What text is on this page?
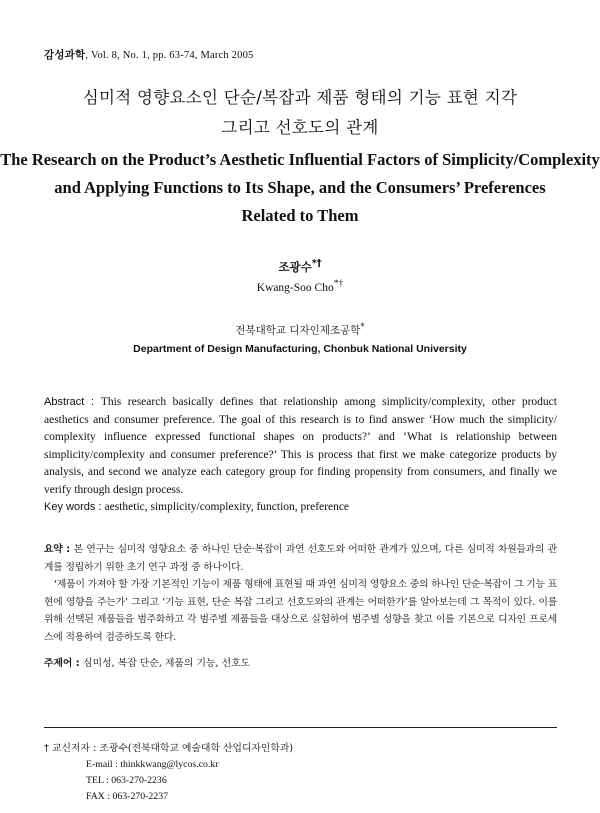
감성과학, Vol. 8, No. 1, pp. 63-74, March 2005
심미적 영향요소인 단순/복잡과 제품 형태의 기능 표현 지각
그리고 선호도의 관계
The Research on the Product’s Aesthetic Influential Factors of Simplicity/Complexity
and Applying Functions to Its Shape, and the Consumers’ Preferences
Related to Them
조광수*†
Kwang-Soo Cho*†
전북대학교 디자인제조공학*
Department of Design Manufacturing, Chonbuk National University
Abstract : This research basically defines that relationship among simplicity/complexity, other product aesthetics and consumer preference. The goal of this research is to find answer ‘How much the simplicity/ complexity influence expressed functional shapes on products?’ and ‘What is relationship between simplicity/complexity and consumer preference?’ This is process that first we make categorize products by analysis, and second we analyze each category group for finding propensity from consumers, and finally we verify through design process.
Key words : aesthetic, simplicity/complexity, function, preference

요약 : 본 연구는 심미적 영향요소 중 하나인 단순·복잡이 과연 선호도와 어떠한 관계가 있으며, 다른 심미적 차원들과의 관계를 정립하기 위한 초기 연구 과정 중 하나이다.

‘제품이 가져야 할 가장 기본적인 기능이 제품 형태에 표현될 때 과연 심미적 영향요소 중의 하나인 단순·복잡이 그 기능 표현에 영향을 주는가’ 그리고 ‘기능 표현, 단순 복잡 그리고 선호도와의 관계는 어떠한가’를 알아보는데 그 목적이 있다. 이를 위해 선택된 제품들을 범주화하고 각 범주별 제품들을 대상으로 실험하여 범주별 성향을 찾고 이를 기본으로 디자인 프로세스에 적용하여 검증하도록 한다.

주제어 : 심미성, 복잡 단순, 제품의 기능, 선호도
† 교신저자 : 조광수(전북대학교 예술대학 산업디자인학과)
E-mail : thinkkwang@lycos.co.kr
TEL : 063-270-2236
FAX : 063-270-2237
